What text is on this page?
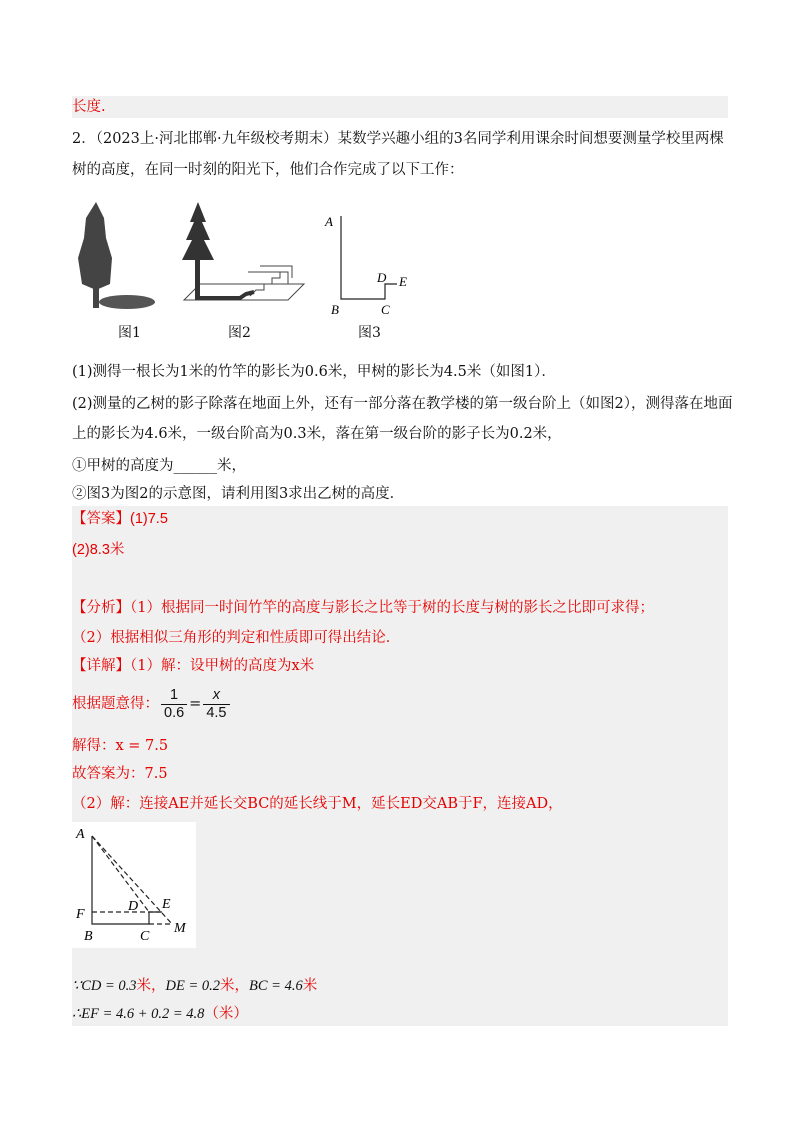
长度.
2．（2023上·河北邯郸·九年级校考期末）某数学兴趣小组的3名同学利用课余时间想要测量学校里两棵
树的高度，在同一时刻的阳光下，他们合作完成了以下工作：
图1	图2
A
D E
B	C
图3
(1)测得一根长为1米的竹竿的影长为0.6米，甲树的影长为4.5米（如图1）．
(2)测量的乙树的影子除落在地面上外，还有一部分落在教学楼的第一级台阶上（如图2），测得落在地面
上的影长为4.6米，一级台阶高为0.3米，落在第一级台阶的影子长为0.2米，
①甲树的高度为______米，
②图3为图2的示意图，请利用图3求出乙树的高度．
【答案】(1)7.5
(2)8.3米
【分析】（1）根据同一时间竹竿的高度与影长之比等于树的长度与树的影长之比即可求得；
（2）根据相似三角形的判定和性质即可得出结论．
【详解】（1）解：设甲树的高度为x米
根据题意得： $\frac{1}{0.6} = \frac{x}{4.5}$
解得：x = 7.5
故答案为：7.5
（2）解：连接AE并延长交BC的延长线于M，延长ED交AB于F，连接AD，
A
F
D E
B	C
M
∵CD = 0.3米，DE = 0.2米，BC = 4.6米
∴EF = 4.6 + 0.2 = 4.8（米）
